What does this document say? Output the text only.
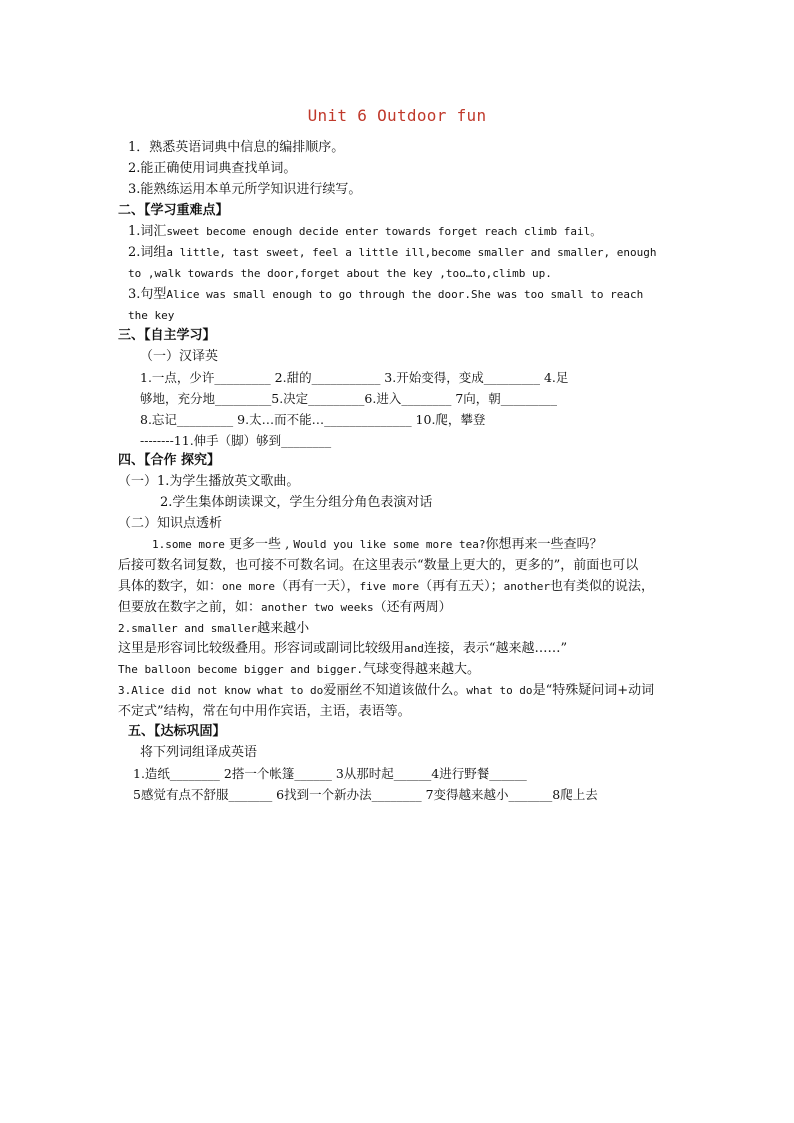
Unit 6 Outdoor fun
1．熟悉英语词典中信息的编排顺序。
2.能正确使用词典查找单词。
3.能熟练运用本单元所学知识进行续写。
二、【学习重难点】
1.词汇sweet become enough decide enter towards forget reach climb fail。
2.词组a little, tast sweet, feel a little ill,become smaller and smaller, enough
to ,walk towards the door,forget about the key ,too…to,climb up.
3.句型Alice was small enough to go through the door.She was too small to reach
the key
三、【自主学习】
（一）汉译英
1.一点，少许_________ 2.甜的___________ 3.开始变得，变成_________ 4.足
够地，充分地_________5.决定_________6.进入________ 7向，朝_________
8.忘记_________ 9.太…而不能…______________ 10.爬，攀登
--------11.伸手（脚）够到________
四、【合作 探究】
（一）1.为学生播放英文歌曲。
2.学生集体朗读课文，学生分组分角色表演对话
（二）知识点透析
1.some more 更多一些 , Would you like some more tea?你想再来一些查吗？
后接可数名词复数，也可接不可数名词。在这里表示“数量上更大的，更多的”，前面也可以
具体的数字，如：one more（再有一天），five more（再有五天）；another也有类似的说法，
但要放在数字之前，如：another two weeks（还有两周）
2.smaller and smaller越来越小
这里是形容词比较级叠用。形容词或副词比较级用and连接，表示“越来越……”
The balloon become bigger and bigger.气球变得越来越大。
3.Alice did not know what to do爱丽丝不知道该做什么。what to do是“特殊疑问词+动词
不定式”结构，常在句中用作宾语，主语，表语等。
五、【达标巩固】
将下列词组译成英语
1.造纸________ 2搭一个帐篷______ 3从那时起______4进行野餐______
5感觉有点不舒服_______ 6找到一个新办法________ 7变得越来越小_______8爬上去
